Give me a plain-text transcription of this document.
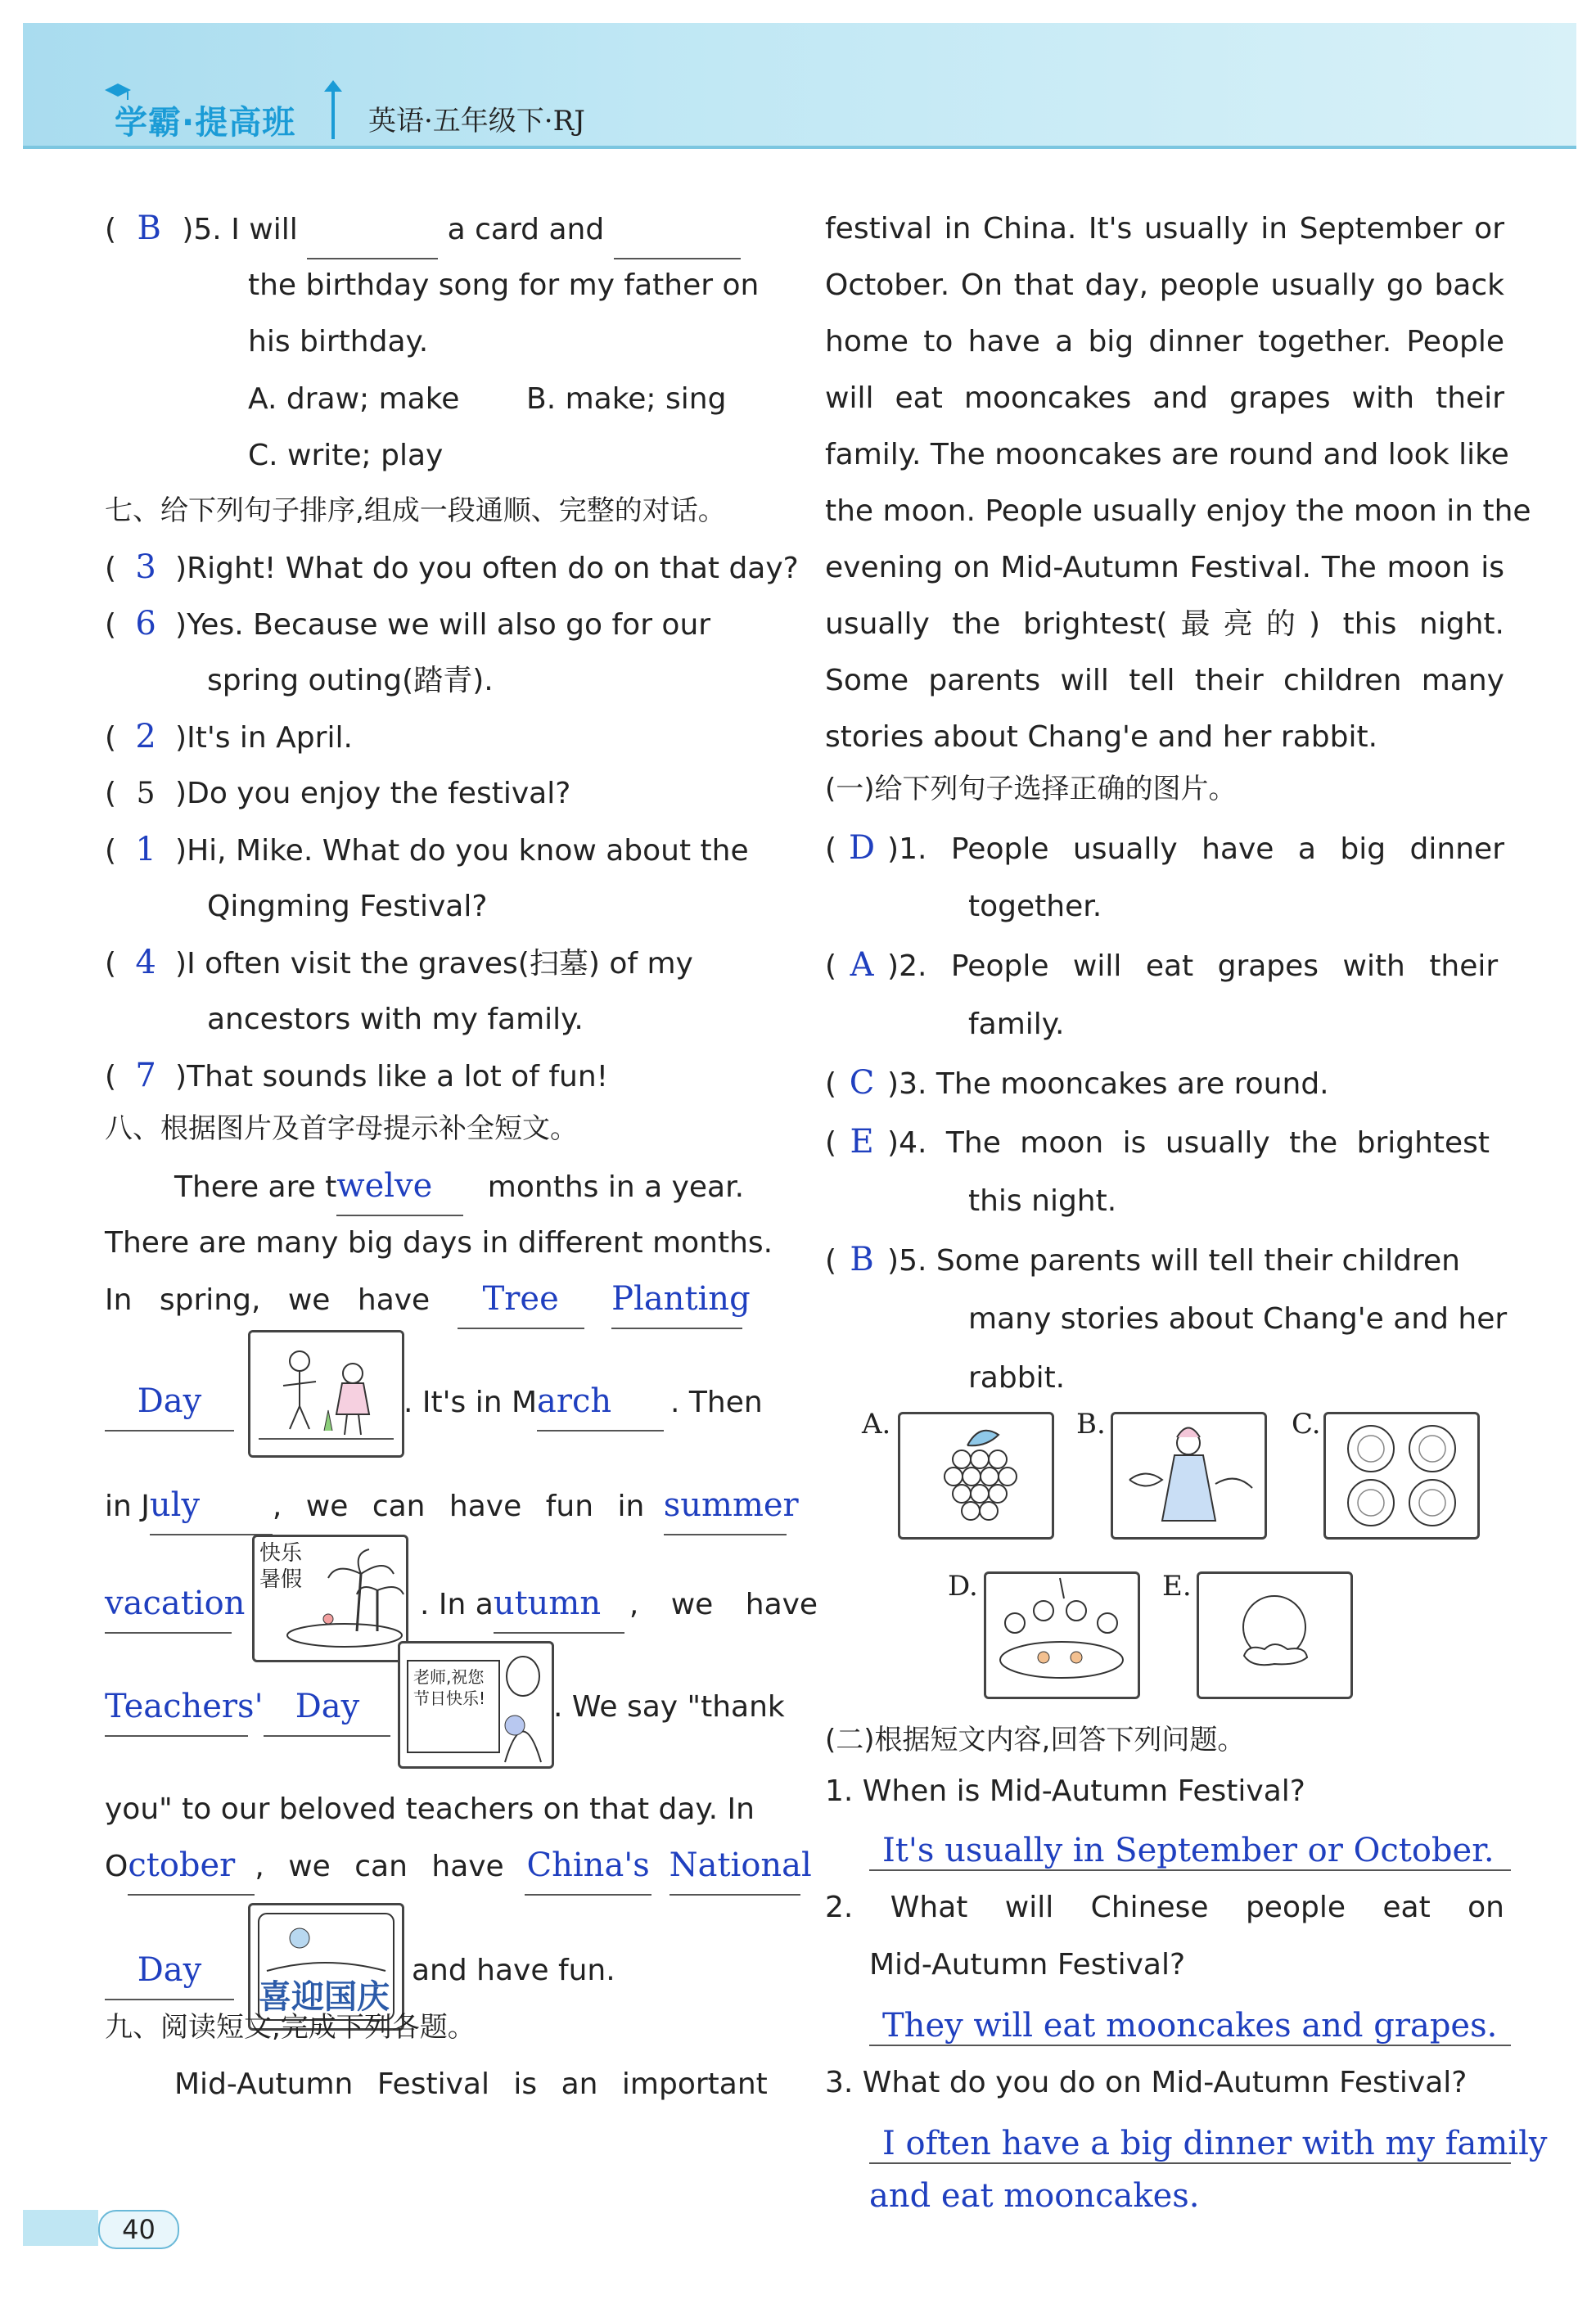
学霸·提高班	英语·五年级下·RJ
( B )5. I will	a card and
the birthday song for my father on
his birthday.
A. draw; make B. make; sing
C. write; play
七、给下列句子排序,组成一段通顺、完整的对话。
( 3 )Right! What do you often do on that day?
( 6 )Yes. Because we will also go for our
spring outing(踏青).
( 2 )It's in April.
( 5 )Do you enjoy the festival?
( 1 )Hi, Mike. What do you know about the
Qingming Festival?
( 4 )I often visit the graves(扫墓) of my
ancestors with my family.
( 7 )That sounds like a lot of fun!
八、根据图片及首字母提示补全短文。
There are twelve months in a year.
There are many big days in different months.
In spring, we have Tree Planting
Day	. It's in March . Then
in July , we can have fun in summer
vacation
快乐暑假
. In autumn , we have
Teachers' Day
老师,祝您节日快乐!	. We say "thank
you" to our beloved teachers on that day. In
October , we can have China's National
Day
喜迎国庆
and have fun.
九、阅读短文,完成下列各题。
Mid-Autumn Festival is an important
festival in China. It's usually in September or
October. On that day, people usually go back
home to have a big dinner together. People
will eat mooncakes and grapes with their
family. The mooncakes are round and look like
the moon. People usually enjoy the moon in the
evening on Mid-Autumn Festival. The moon is
usually the brightest(最亮的) this night.
Some parents will tell their children many
stories about Chang'e and her rabbit.
(一)给下列句子选择正确的图片。
( D )1. People usually have a big dinner
together.
( A )2. People will eat grapes with their
family.
( C )3. The mooncakes are round.
( E )4. The moon is usually the brightest
this night.
( B )5. Some parents will tell their children
many stories about Chang'e and her
rabbit.
A.	B.	C.
D.	E.
(二)根据短文内容,回答下列问题。
1. When is Mid-Autumn Festival?
It's usually in September or October.
2. What will Chinese people eat on
Mid-Autumn Festival?
They will eat mooncakes and grapes.
3. What do you do on Mid-Autumn Festival?
I often have a big dinner with my family
and eat mooncakes.
40
